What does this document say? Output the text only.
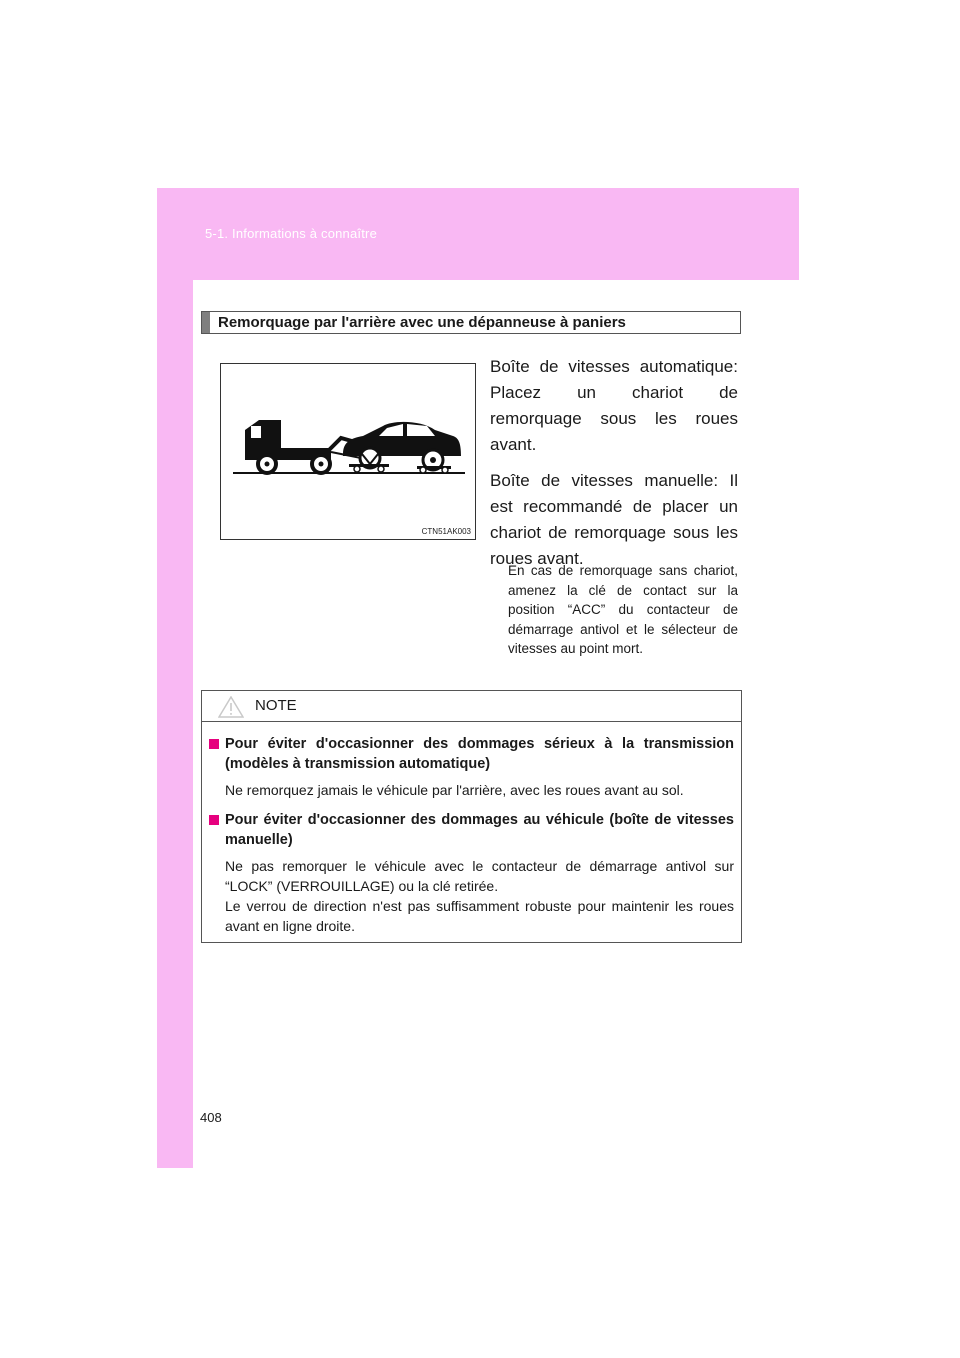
5-1. Informations à connaître
Remorquage par l'arrière avec une dépanneuse à paniers
CTN51AK003

Boîte de vitesses automatique: Placez un chariot de remorquage sous les roues avant.

Boîte de vitesses manuelle: Il est recommandé de placer un chariot de remorquage sous les roues avant.

En cas de remorquage sans chariot, amenez la clé de contact sur la position “ACC” du contacteur de démarrage antivol et le sélecteur de vitesses au point mort.
NOTE
Pour éviter d'occasionner des dommages sérieux à la transmission (modèles à transmission automatique)
Ne remorquez jamais le véhicule par l'arrière, avec les roues avant au sol.
Pour éviter d'occasionner des dommages au véhicule (boîte de vitesses manuelle)
Ne pas remorquer le véhicule avec le contacteur de démarrage antivol sur “LOCK” (VERROUILLAGE) ou la clé retirée.
Le verrou de direction n'est pas suffisamment robuste pour maintenir les roues avant en ligne droite.
408
